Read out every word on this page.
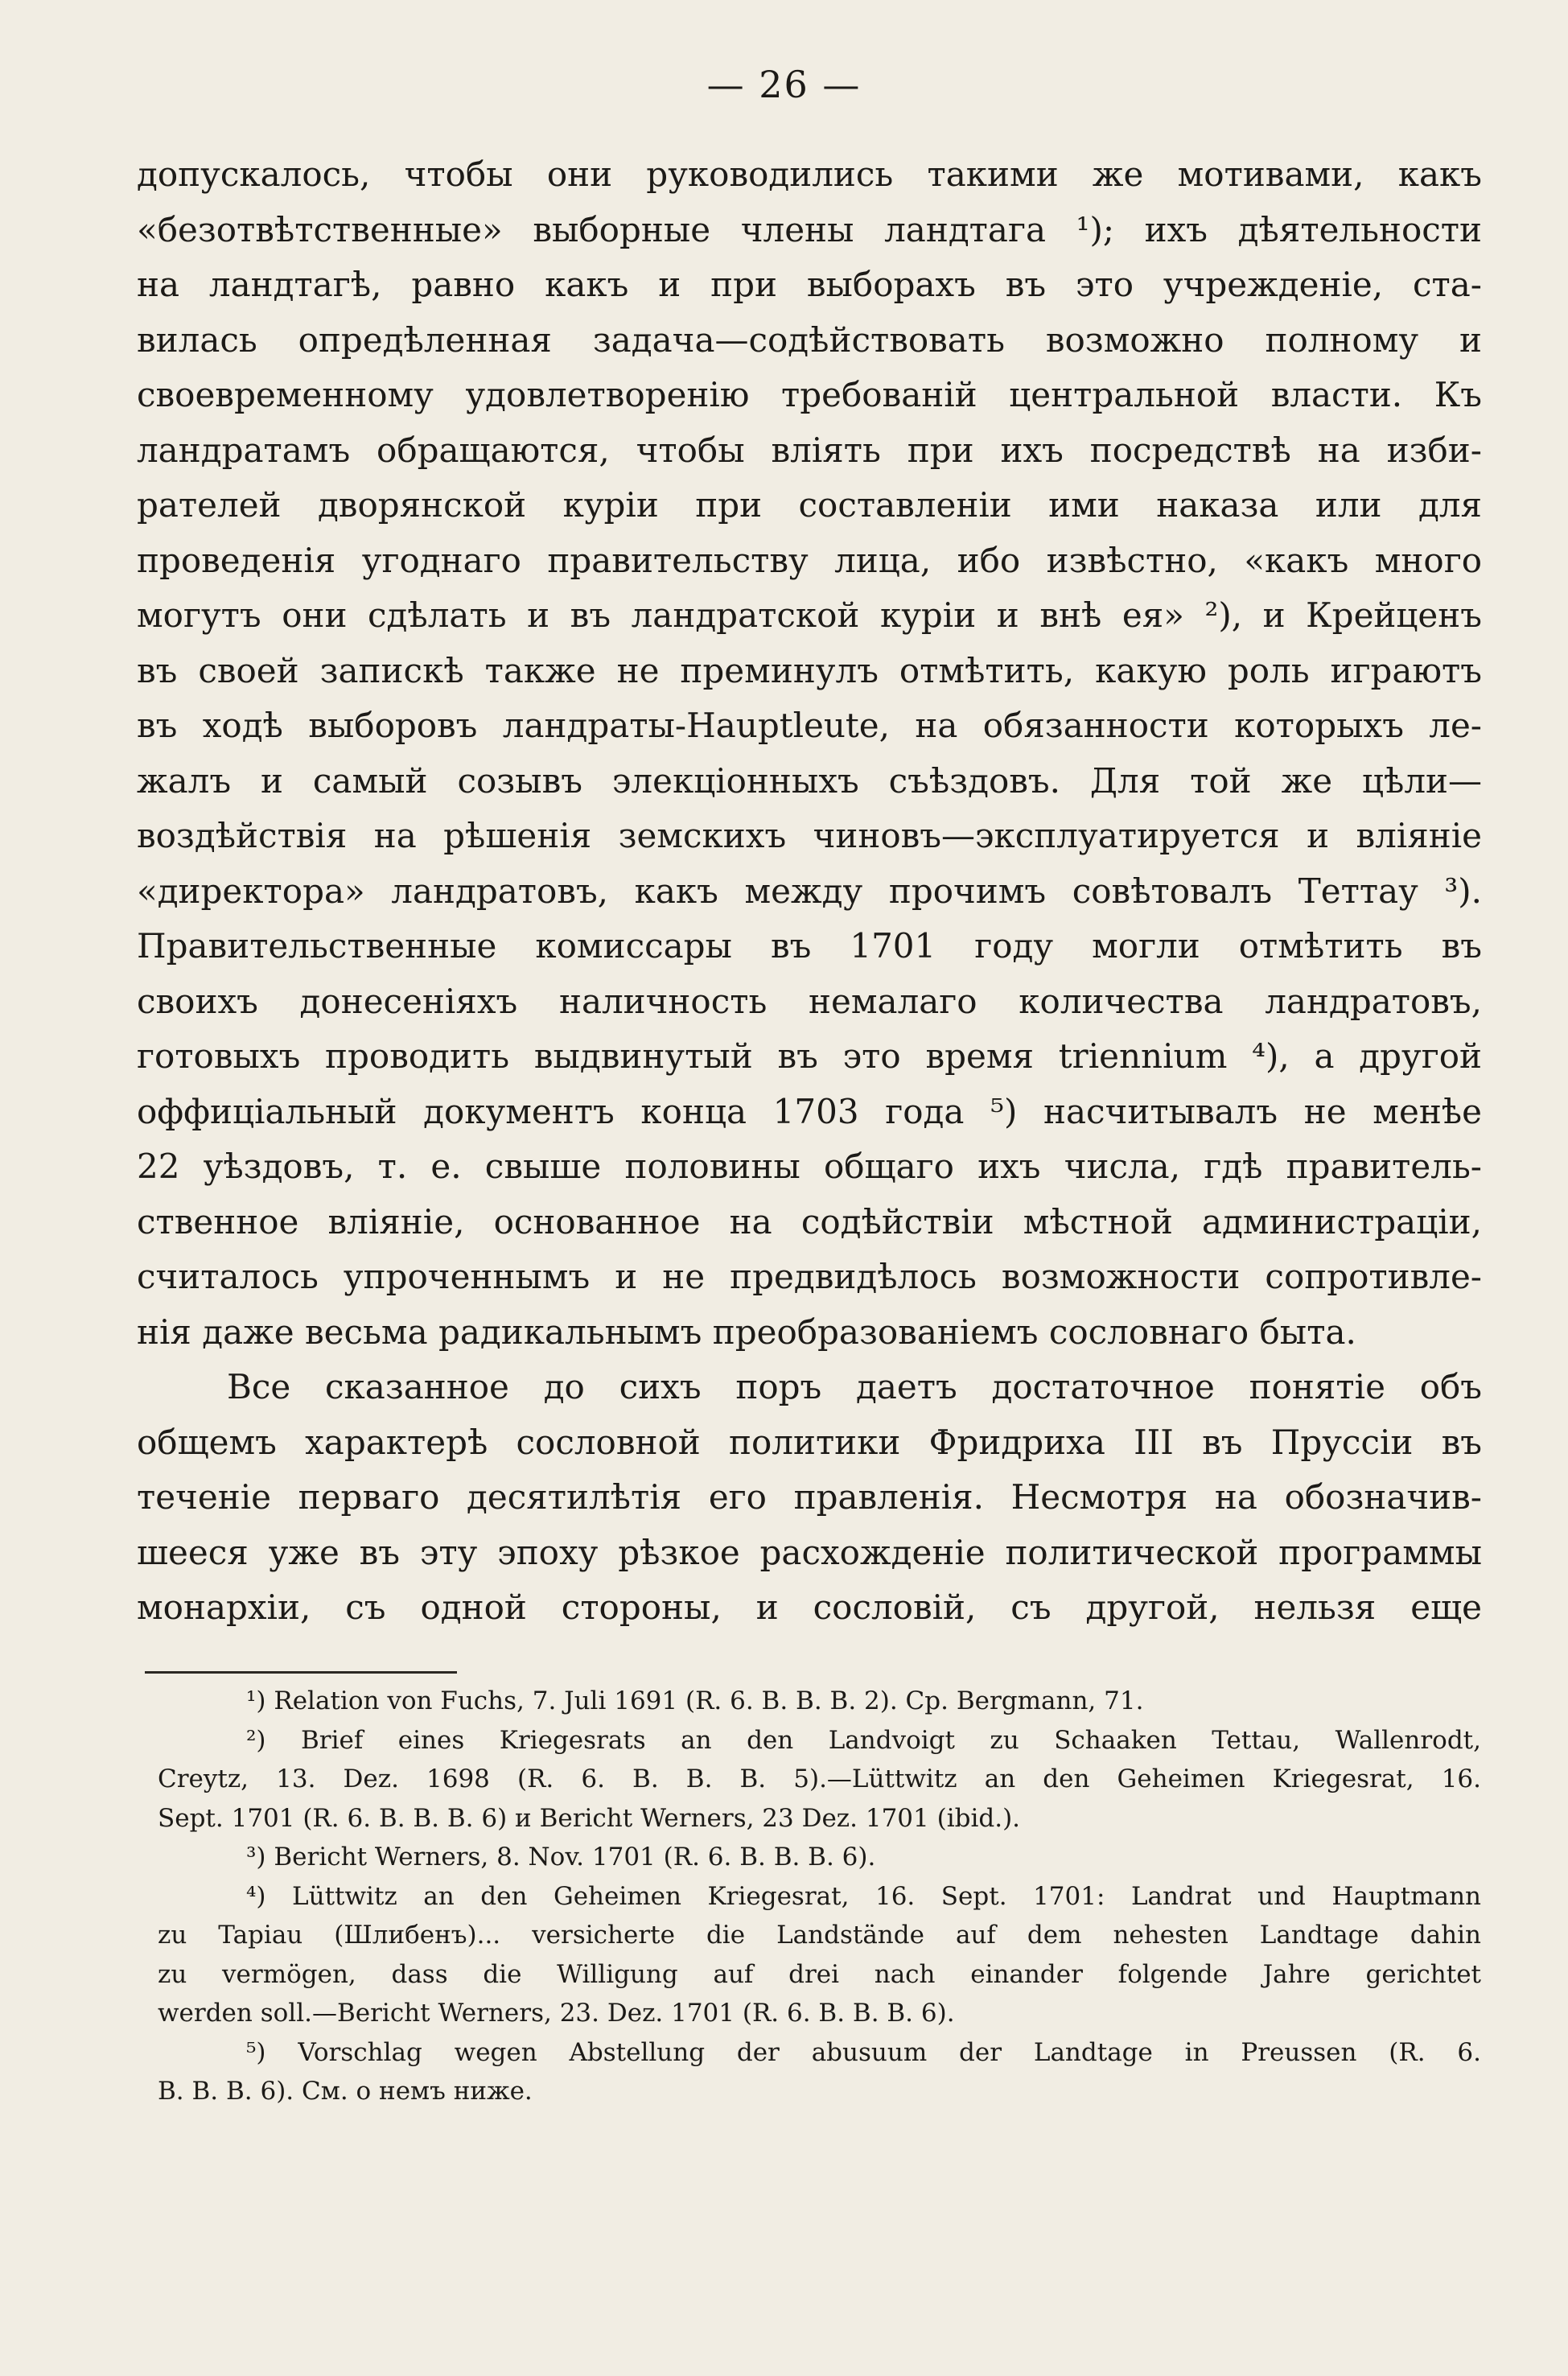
— 26 —
допускалось, чтобы они руководились такими же мотивами, какъ
«безотвѣтственные» выборные члены ландтага ¹); ихъ дѣятельности
на ландтагѣ, равно какъ и при выборахъ въ это учрежденіе, ста-
вилась опредѣленная задача—содѣйствовать возможно полному и
своевременному удовлетворенію требованій центральной власти. Къ
ландратамъ обращаются, чтобы вліять при ихъ посредствѣ на изби-
рателей дворянской куріи при составленіи ими наказа или для
проведенія угоднаго правительству лица, ибо извѣстно, «какъ много
могутъ они сдѣлать и въ ландратской куріи и внѣ ея» ²), и Крейценъ
въ своей запискѣ также не преминулъ отмѣтить, какую роль играютъ
въ ходѣ выборовъ ландраты-Hauptleute, на обязанности которыхъ ле-
жалъ и самый созывъ элекціонныхъ съѣздовъ. Для той же цѣли—
воздѣйствія на рѣшенія земскихъ чиновъ—эксплуатируется и вліяніе
«директора» ландратовъ, какъ между прочимъ совѣтовалъ Теттау ³).
Правительственные комиссары въ 1701 году могли отмѣтить въ
своихъ донесеніяхъ наличность немалаго количества ландратовъ,
готовыхъ проводить выдвинутый въ это время triennium ⁴), а другой
оффиціальный документъ конца 1703 года ⁵) насчитывалъ не менѣе
22 уѣздовъ, т. е. свыше половины общаго ихъ числа, гдѣ правитель-
ственное вліяніе, основанное на содѣйствіи мѣстной администраціи,
считалось упроченнымъ и не предвидѣлось возможности сопротивле-
нія даже весьма радикальнымъ преобразованіемъ сословнаго быта.
Все сказанное до сихъ поръ даетъ достаточное понятіе объ
общемъ характерѣ сословной политики Фридриха III въ Пруссіи въ
теченіе перваго десятилѣтія его правленія. Несмотря на обозначив-
шееся уже въ эту эпоху рѣзкое расхожденіе политической программы
монархіи, съ одной стороны, и сословій, съ другой, нельзя еще
¹) Relation von Fuchs, 7. Juli 1691 (R. 6. B. B. B. 2). Ср. Bergmann, 71.
²) Brief eines Kriegesrats an den Landvoigt zu Schaaken Tettau, Wallenrodt,
Creytz, 13. Dez. 1698 (R. 6. B. B. B. 5).—Lüttwitz an den Geheimen Kriegesrat, 16.
Sept. 1701 (R. 6. B. B. B. 6) и Bericht Werners, 23 Dez. 1701 (ibid.).
³) Bericht Werners, 8. Nov. 1701 (R. 6. B. B. B. 6).
⁴) Lüttwitz an den Geheimen Kriegesrat, 16. Sept. 1701: Landrat und Hauptmann
zu Tapiau (Шлибенъ)... versicherte die Landstände auf dem nehesten Landtage dahin
zu vermögen, dass die Willigung auf drei nach einander folgende Jahre gerichtet
werden soll.—Bericht Werners, 23. Dez. 1701 (R. 6. B. B. B. 6).
⁵) Vorschlag wegen Abstellung der abusuum der Landtage in Preussen (R. 6.
B. B. B. 6). См. о немъ ниже.
